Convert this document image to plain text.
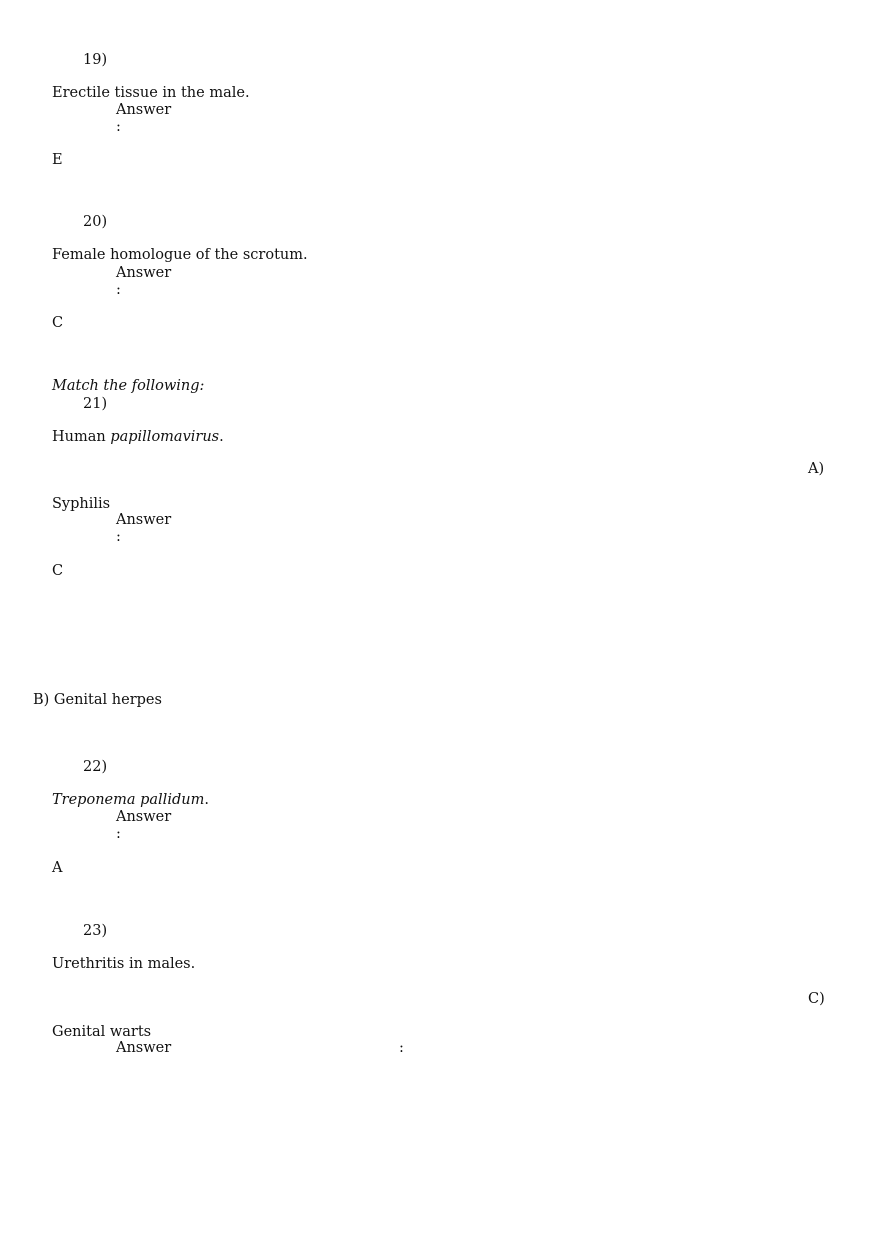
19)
Erectile tissue in the male.
Answer
:
E
20)
Female homologue of the scrotum.
Answer
:
C
Match the following:
21)
Human papillomavirus.
A)
Syphilis
Answer
:
C
B) Genital herpes
22)
Treponema pallidum.
Answer
:
A
23)
Urethritis in males.
C)
Genital warts
Answer	:
